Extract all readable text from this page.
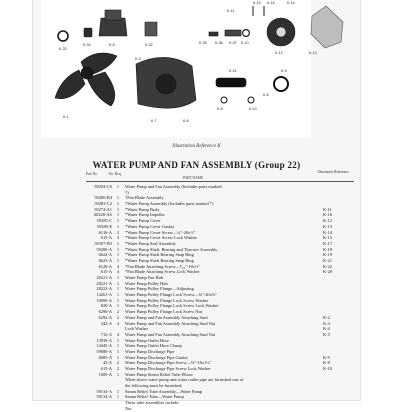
K-33
K-34	K-5	K-32	K-35 K-36 K-37 K-10
K-12
K-11
K-13
K-15 K-16	K-14
K-8
K-21
K-3
K-8
K-9
K-10
K-1
K-7	K-6
Illustration Reference K
WATER PUMP AND FAN ASSEMBLY (Group 22)
Part No.	No. Req.
PART NAME
Illustration Reference
59294-CS	1	Water Pump and Fan Assembly (Includes parts marked
†)
59280-B4	1	†Fan Blade Assembly
59283-C2	1	†Water Pump Assembly (Includes parts marked *)
59274-A1	1	*Water Pump Body	K-11
60228-AS	1	*Water Pump Impeller	K-16
59285-C	1	*Water Pump Cover	K-12
59286-E	1	*Water Pump Cover Gasket	K-13
6116-A	2	*Water Pump Cover Screw—¼"-20x½"	K-14
615-A	3	*Water Pump Cover Screw Lock Washer	K-15
59187-B3	1	*Water Pump Seal Assembly	K-17
59286-A	1	*Water Pump Shaft, Bearing and Thrower Assembly	K-18
6622-A	1	*Water Pump Shaft Bearing Snap Ring	K-19
6623-A	1	*Water Pump Shaft Bearing Snap Ring	K-21
6126-A	4	*Fan Blade Attaching Screw—⁵⁄₁₆"-18x½"	K-22
615-A	4	*Fan Blade Attaching Screw Lock Washer	K-20
28221-A	1	Water Pump Fan Hub
28221-A	1	Water Pump Pulley Hub
28222-A	1	Water Pump Pulley Flange—Adjusting
14261-A	1	Water Pump Pulley Flange Lock Screw—⅜"-20x⅝"
10006-A	1	Water Pump Pulley Flange Lock Screw Washer
820-A	1	Water Pump Pulley Flange Lock Screw Lock Washer
6290-A	2	Water Pump Pulley Flange Lock Screw Nut
6292-A	2	Water Pump and Fan Assembly Attaching Stud	K-2
342-A	4	Water Pump and Fan Assembly Attaching Stud Nut	K-3
Lock Washer	K-4
712-A	4	Water Pump and Fan Assembly Attaching Stud Nut	K-5
13939-A	1	Water Pump Outlet Hose
14445-A	1	Water Pump Outlet Hose Clamp
59680-A	1	Water Pump Discharge Pipe
6085-A	1	Water Pump Discharge Pipe Gasket	K-9
45-A	2	Water Pump Discharge Pipe Screw—⅜"-16x1¼"	K-8
615-A	2	Water Pump Discharge Pipe Screw Lock Washer	K-10
1609-A	1	Water Pump Steam Relief Tube Elbow
When above water pump and water outlet pipe are furnished one of
the following must be furnished:
59134-A	1	Steam Relief Tube Assembly—Water Pump
59134-A	1	Steam Relief Tube—Water Pump
These tube assemblies include:
Nut
